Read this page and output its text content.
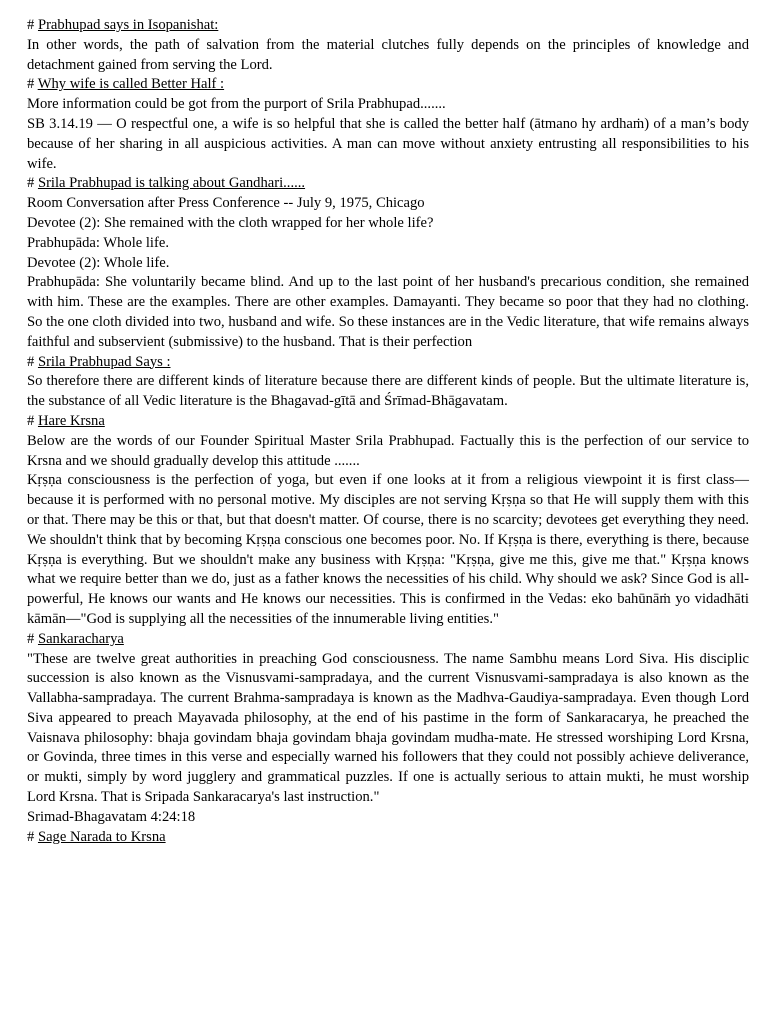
# Prabhupad says in Isopanishat:

In other words, the path of salvation from the material clutches fully depends on the principles of knowledge and detachment gained from serving the Lord.

# Why wife is called Better Half :

More information could be got from the purport of Srila Prabhupad.......

SB 3.14.19 — O respectful one, a wife is so helpful that she is called the better half (ātmano hy ardhaṁ) of a man’s body because of her sharing in all auspicious activities. A man can move without anxiety entrusting all responsibilities to his wife.

# Srila Prabhupad is talking about Gandhari......

Room Conversation after Press Conference -- July 9, 1975, Chicago

Devotee (2): She remained with the cloth wrapped for her whole life?

Prabhupāda: Whole life.

Devotee (2): Whole life.

Prabhupāda: She voluntarily became blind. And up to the last point of her husband's precarious condition, she remained with him. These are the examples. There are other examples. Damayanti. They became so poor that they had no clothing. So the one cloth divided into two, husband and wife. So these instances are in the Vedic literature, that wife remains always faithful and subservient (submissive) to the husband. That is their perfection

# Srila Prabhupad Says :

So therefore there are different kinds of literature because there are different kinds of people. But the ultimate literature is, the substance of all Vedic literature is the Bhagavad-gītā and Śrīmad-Bhāgavatam.

# Hare Krsna

Below are the words of our Founder Spiritual Master Srila Prabhupad. Factually this is the perfection of our service to Krsna and we should gradually develop this attitude .......

Kṛṣṇa consciousness is the perfection of yoga, but even if one looks at it from a religious viewpoint it is first class—because it is performed with no personal motive. My disciples are not serving Kṛṣṇa so that He will supply them with this or that. There may be this or that, but that doesn't matter. Of course, there is no scarcity; devotees get everything they need. We shouldn't think that by becoming Kṛṣṇa conscious one becomes poor. No. If Kṛṣṇa is there, everything is there, because Kṛṣṇa is everything. But we shouldn't make any business with Kṛṣṇa: "Kṛṣṇa, give me this, give me that." Kṛṣṇa knows what we require better than we do, just as a father knows the necessities of his child. Why should we ask? Since God is all-powerful, He knows our wants and He knows our necessities. This is confirmed in the Vedas: eko bahūnāṁ yo vidadhāti kāmān—"God is supplying all the necessities of the innumerable living entities."

# Sankaracharya

"These are twelve great authorities in preaching God consciousness. The name Sambhu means Lord Siva. His disciplic succession is also known as the Visnusvami-sampradaya, and the current Visnusvami-sampradaya is also known as the Vallabha-sampradaya. The current Brahma-sampradaya is known as the Madhva-Gaudiya-sampradaya. Even though Lord Siva appeared to preach Mayavada philosophy, at the end of his pastime in the form of Sankaracarya, he preached the Vaisnava philosophy: bhaja govindam bhaja govindam bhaja govindam mudha-mate. He stressed worshiping Lord Krsna, or Govinda, three times in this verse and especially warned his followers that they could not possibly achieve deliverance, or mukti, simply by word jugglery and grammatical puzzles. If one is actually serious to attain mukti, he must worship Lord Krsna. That is Sripada Sankaracarya's last instruction."

Srimad-Bhagavatam 4:24:18

# Sage Narada to Krsna
